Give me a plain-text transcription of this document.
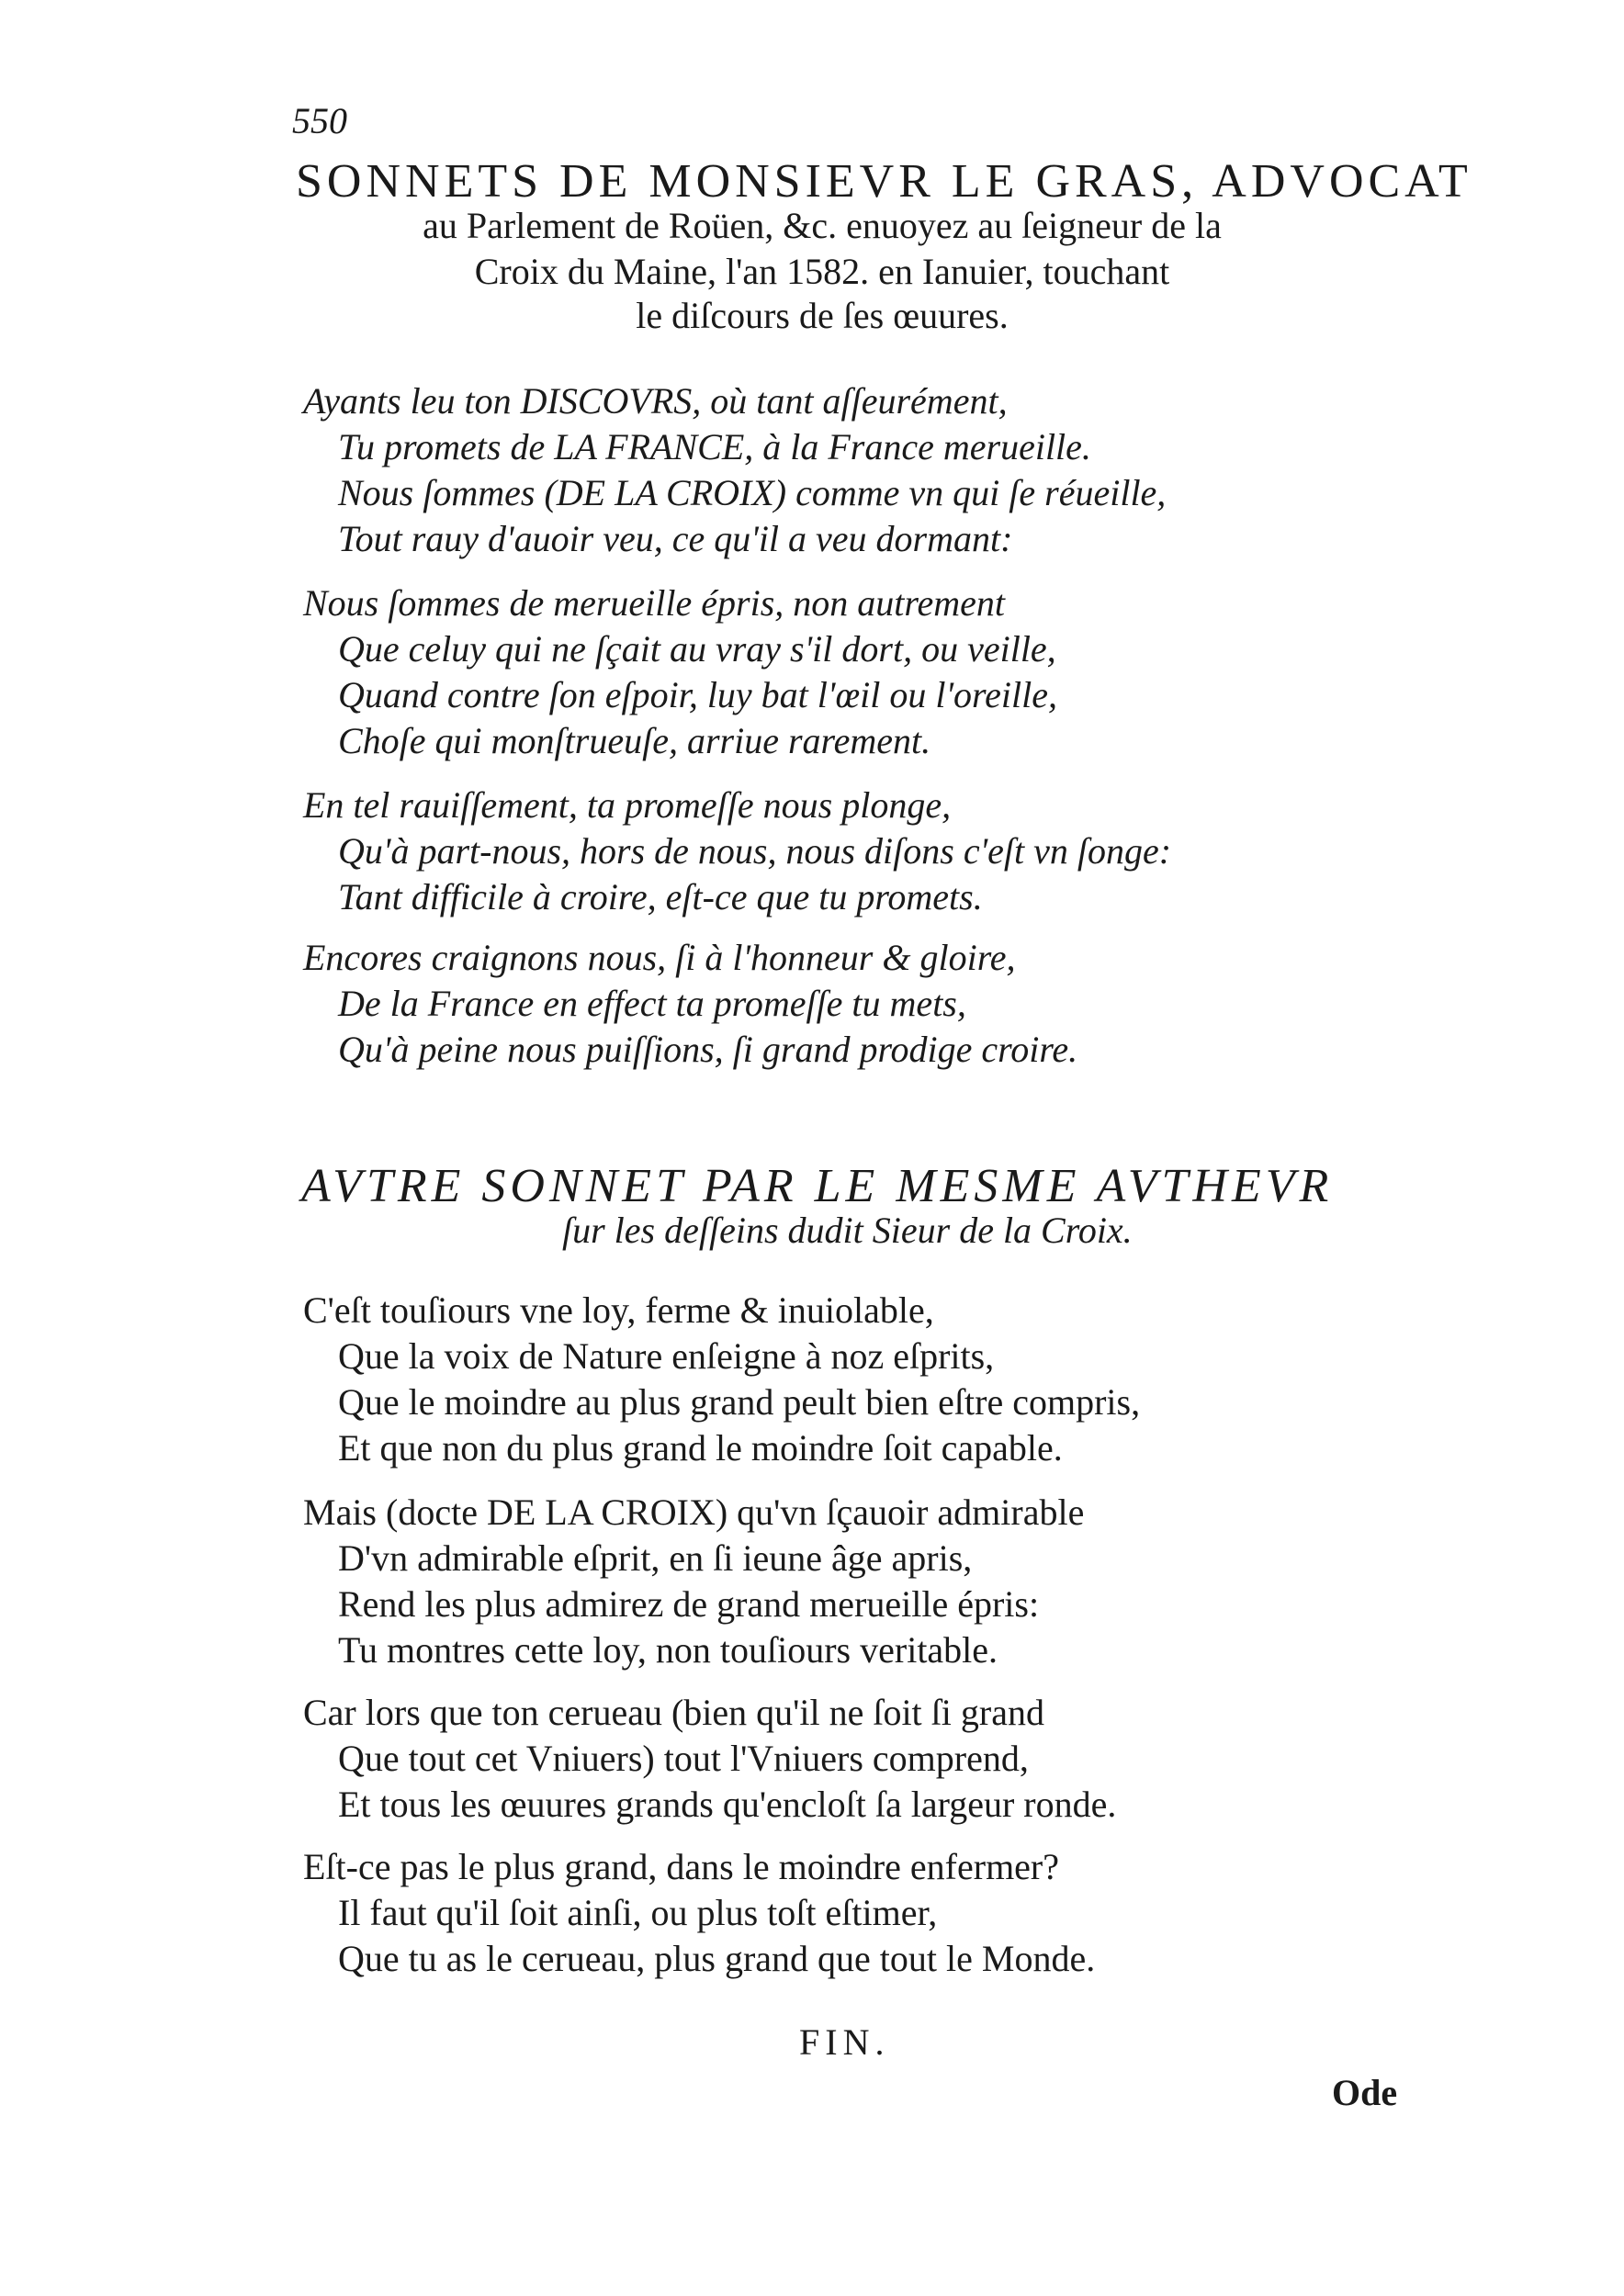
550
SONNETS DE MONSIEVR LE GRAS, ADVOCAT
au Parlement de Roüen, &c. enuoyez au ſeigneur de la
Croix du Maine, l'an 1582. en Ianuier, touchant
le diſcours de ſes œuures.
Ayants leu ton DISCOVRS, où tant aſſeurément,
Tu promets de LA FRANCE, à la France merueille.
Nous ſommes (DE LA CROIX) comme vn qui ſe réueille,
Tout rauy d'auoir veu, ce qu'il a veu dormant:
Nous ſommes de merueille épris, non autrement
Que celuy qui ne ſçait au vray s'il dort, ou veille,
Quand contre ſon eſpoir, luy bat l'œil ou l'oreille,
Choſe qui monſtrueuſe, arriue rarement.
En tel rauiſſement, ta promeſſe nous plonge,
Qu'à part-nous, hors de nous, nous diſons c'eſt vn ſonge:
Tant difficile à croire, eſt-ce que tu promets.
Encores craignons nous, ſi à l'honneur & gloire,
De la France en effect ta promeſſe tu mets,
Qu'à peine nous puiſſions, ſi grand prodige croire.
AVTRE SONNET PAR LE MESME AVTHEVR
ſur les deſſeins dudit Sieur de la Croix.
C'eſt touſiours vne loy, ferme & inuiolable,
Que la voix de Nature enſeigne à noz eſprits,
Que le moindre au plus grand peult bien eſtre compris,
Et que non du plus grand le moindre ſoit capable.
Mais (docte DE LA CROIX) qu'vn ſçauoir admirable
D'vn admirable eſprit, en ſi ieune âge apris,
Rend les plus admirez de grand merueille épris:
Tu montres cette loy, non touſiours veritable.
Car lors que ton cerueau (bien qu'il ne ſoit ſi grand
Que tout cet Vniuers) tout l'Vniuers comprend,
Et tous les œuures grands qu'encloſt ſa largeur ronde.
Eſt-ce pas le plus grand, dans le moindre enfermer?
Il faut qu'il ſoit ainſi, ou plus toſt eſtimer,
Que tu as le cerueau, plus grand que tout le Monde.
FIN.
Ode
